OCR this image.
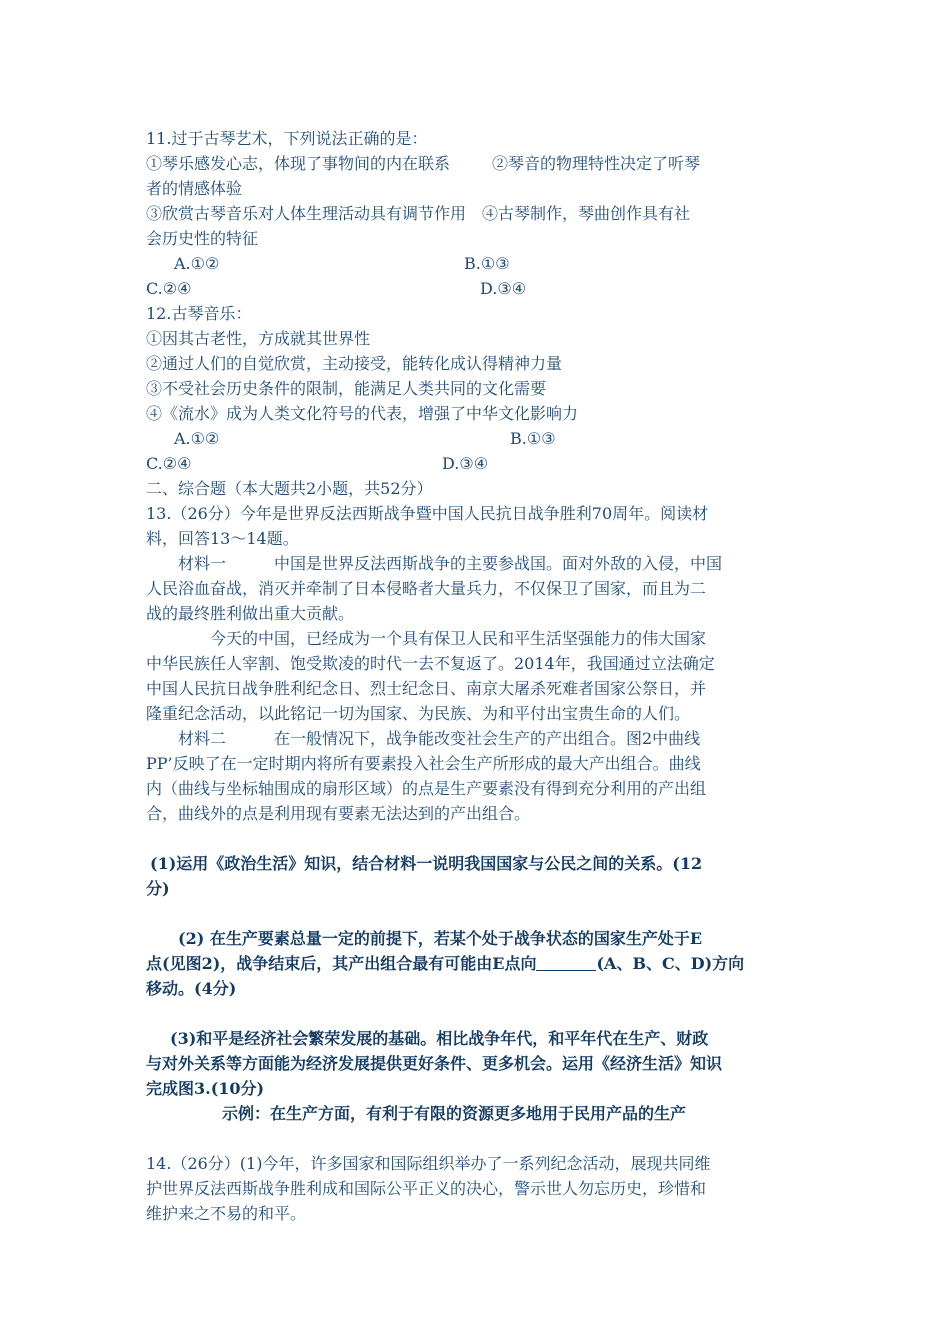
11.过于古琴艺术，下列说法正确的是：
①琴乐感发心志，体现了事物间的内在联系	②琴音的物理特性决定了听琴
者的情感体验
③欣赏古琴音乐对人体生理活动具有调节作用	④古琴制作，琴曲创作具有社
会历史性的特征
A.①②	B.①③
C.②④	D.③④
12.古琴音乐：
①因其古老性，方成就其世界性
②通过人们的自觉欣赏，主动接受，能转化成认得精神力量
③不受社会历史条件的限制，能满足人类共同的文化需要
④《流水》成为人类文化符号的代表，增强了中华文化影响力
A.①②	B.①③
C.②④	D.③④
二、综合题（本大题共2小题，共52分）
13.（26分）今年是世界反法西斯战争暨中国人民抗日战争胜利70周年。阅读材
料，回答13～14题。
材料一	中国是世界反法西斯战争的主要参战国。面对外敌的入侵，中国
人民浴血奋战，消灭并牵制了日本侵略者大量兵力，不仅保卫了国家，而且为二
战的最终胜利做出重大贡献。
今天的中国，已经成为一个具有保卫人民和平生活坚强能力的伟大国家
中华民族任人宰割、饱受欺凌的时代一去不复返了。2014年，我国通过立法确定
中国人民抗日战争胜利纪念日、烈士纪念日、南京大屠杀死难者国家公祭日，并
隆重纪念活动，以此铭记一切为国家、为民族、为和平付出宝贵生命的人们。
材料二	在一般情况下，战争能改变社会生产的产出组合。图2中曲线
PP’反映了在一定时期内将所有要素投入社会生产所形成的最大产出组合。曲线
内（曲线与坐标轴围成的扇形区域）的点是生产要素没有得到充分利用的产出组
合，曲线外的点是利用现有要素无法达到的产出组合。
(1)运用《政治生活》知识，结合材料一说明我国国家与公民之间的关系。(12
分)
(2) 在生产要素总量一定的前提下，若某个处于战争状态的国家生产处于E
点(见图2)，战争结束后，其产出组合最有可能由E点向	(A、B、C、D)方向
移动。(4分)
(3)和平是经济社会繁荣发展的基础。相比战争年代，和平年代在生产、财政
与对外关系等方面能为经济发展提供更好条件、更多机会。运用《经济生活》知识
完成图3.(10分)
示例：在生产方面，有利于有限的资源更多地用于民用产品的生产
14.（26分）(1)今年，许多国家和国际组织举办了一系列纪念活动，展现共同维
护世界反法西斯战争胜利成和国际公平正义的决心，警示世人勿忘历史，珍惜和
维护来之不易的和平。
